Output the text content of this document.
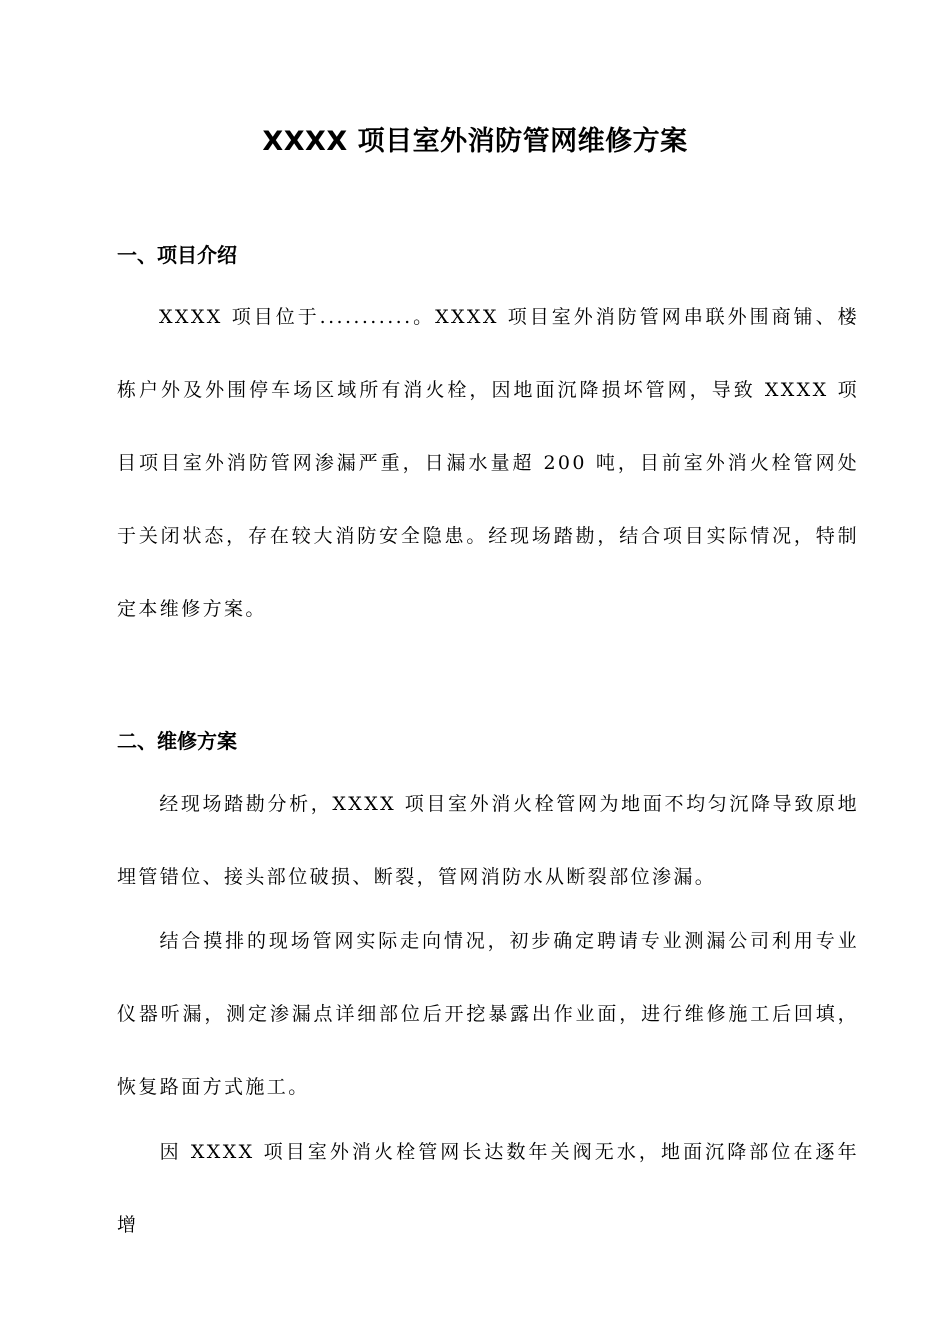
XXXX 项目室外消防管网维修方案
一、项目介绍

XXXX 项目位于...........。XXXX 项目室外消防管网串联外围商铺、楼栋户外及外围停车场区域所有消火栓，因地面沉降损坏管网，导致 XXXX 项目项目室外消防管网渗漏严重，日漏水量超 200 吨，目前室外消火栓管网处于关闭状态，存在较大消防安全隐患。经现场踏勘，结合项目实际情况，特制定本维修方案。

二、维修方案

经现场踏勘分析，XXXX 项目室外消火栓管网为地面不均匀沉降导致原地埋管错位、接头部位破损、断裂，管网消防水从断裂部位渗漏。

结合摸排的现场管网实际走向情况，初步确定聘请专业测漏公司利用专业仪器听漏，测定渗漏点详细部位后开挖暴露出作业面，进行维修施工后回填，恢复路面方式施工。

因 XXXX 项目室外消火栓管网长达数年关阀无水，地面沉降部位在逐年增
